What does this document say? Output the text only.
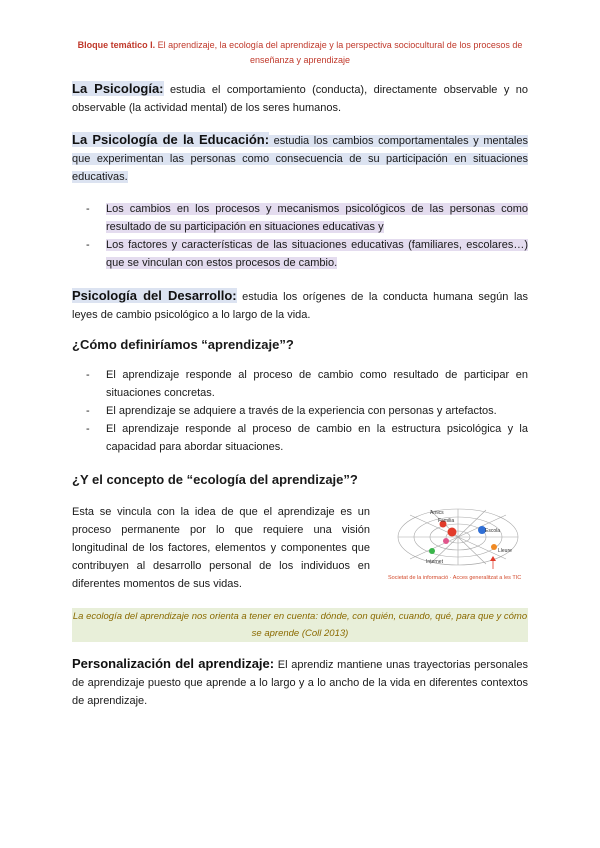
Bloque temático I. El aprendizaje, la ecología del aprendizaje y la perspectiva sociocultural de los procesos de enseñanza y aprendizaje
La Psicología: estudia el comportamiento (conducta), directamente observable y no observable (la actividad mental) de los seres humanos.
La Psicología de la Educación: estudia los cambios comportamentales y mentales que experimentan las personas como consecuencia de su participación en situaciones educativas.
- Los cambios en los procesos y mecanismos psicológicos de las personas como resultado de su participación en situaciones educativas y
- Los factores y características de las situaciones educativas (familiares, escolares…) que se vinculan con estos procesos de cambio.
Psicología del Desarrollo: estudia los orígenes de la conducta humana según las leyes de cambio psicológico a lo largo de la vida.
¿Cómo definiríamos “aprendizaje”?
- El aprendizaje responde al proceso de cambio como resultado de participar en situaciones concretas.
- El aprendizaje se adquiere a través de la experiencia con personas y artefactos.
- El aprendizaje responde al proceso de cambio en la estructura psicológica y la capacidad para abordar situaciones.
¿Y el concepto de “ecología del aprendizaje”?
Esta se vincula con la idea de que el aprendizaje es un proceso permanente por lo que requiere una visión longitudinal de los factores, elementos y componentes que contribuyen al desarrollo personal de los individuos en diferentes momentos de sus vidas.
Amics
Familia
Escola
Lleure
Internet
Societat de la informació · Acces generalitzat a les TIC
La ecología del aprendizaje nos orienta a tener en cuenta: dónde, con quién, cuando, qué, para que y cómo se aprende (Coll 2013)
Personalización del aprendizaje: El aprendiz mantiene unas trayectorias personales de aprendizaje puesto que aprende a lo largo y a lo ancho de la vida en diferentes contextos de aprendizaje.
